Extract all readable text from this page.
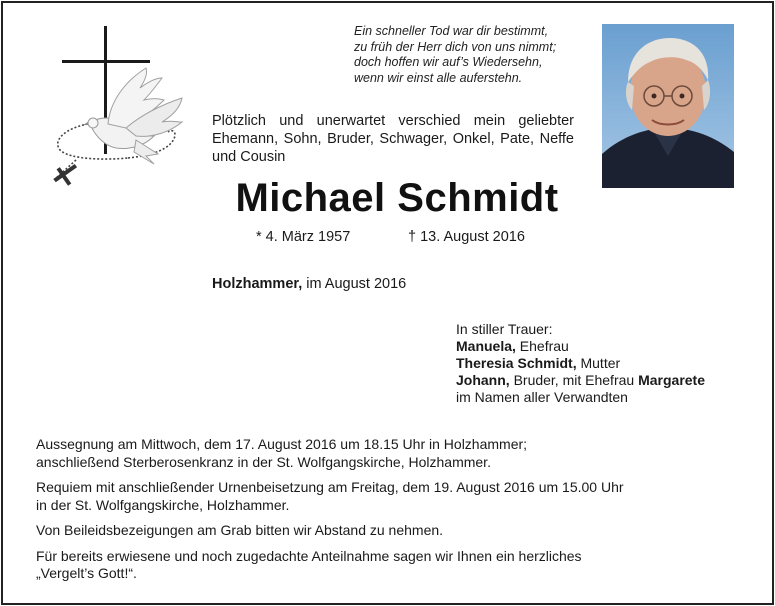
Ein schneller Tod war dir bestimmt,
zu früh der Herr dich von uns nimmt;
doch hoffen wir auf’s Wiedersehn,
wenn wir einst alle auferstehn.
Plötzlich und unerwartet verschied mein geliebter Ehemann, Sohn, Bruder, Schwager, Onkel, Pate, Neffe und Cousin
Michael Schmidt
* 4. März 1957	† 13. August 2016
Holzhammer, im August 2016
In stiller Trauer:
Manuela, Ehefrau
Theresia Schmidt, Mutter
Johann, Bruder, mit Ehefrau Margarete
im Namen aller Verwandten

Aussegnung am Mittwoch, dem 17. August 2016 um 18.15 Uhr in Holzhammer;
anschließend Sterberosenkranz in der St. Wolfgangskirche, Holzhammer.

Requiem mit anschließender Urnenbeisetzung am Freitag, dem 19. August 2016 um 15.00 Uhr
in der St. Wolfgangskirche, Holzhammer.

Von Beileidsbezeigungen am Grab bitten wir Abstand zu nehmen.

Für bereits erwiesene und noch zugedachte Anteilnahme sagen wir Ihnen ein herzliches
„Vergelt’s Gott!“.
